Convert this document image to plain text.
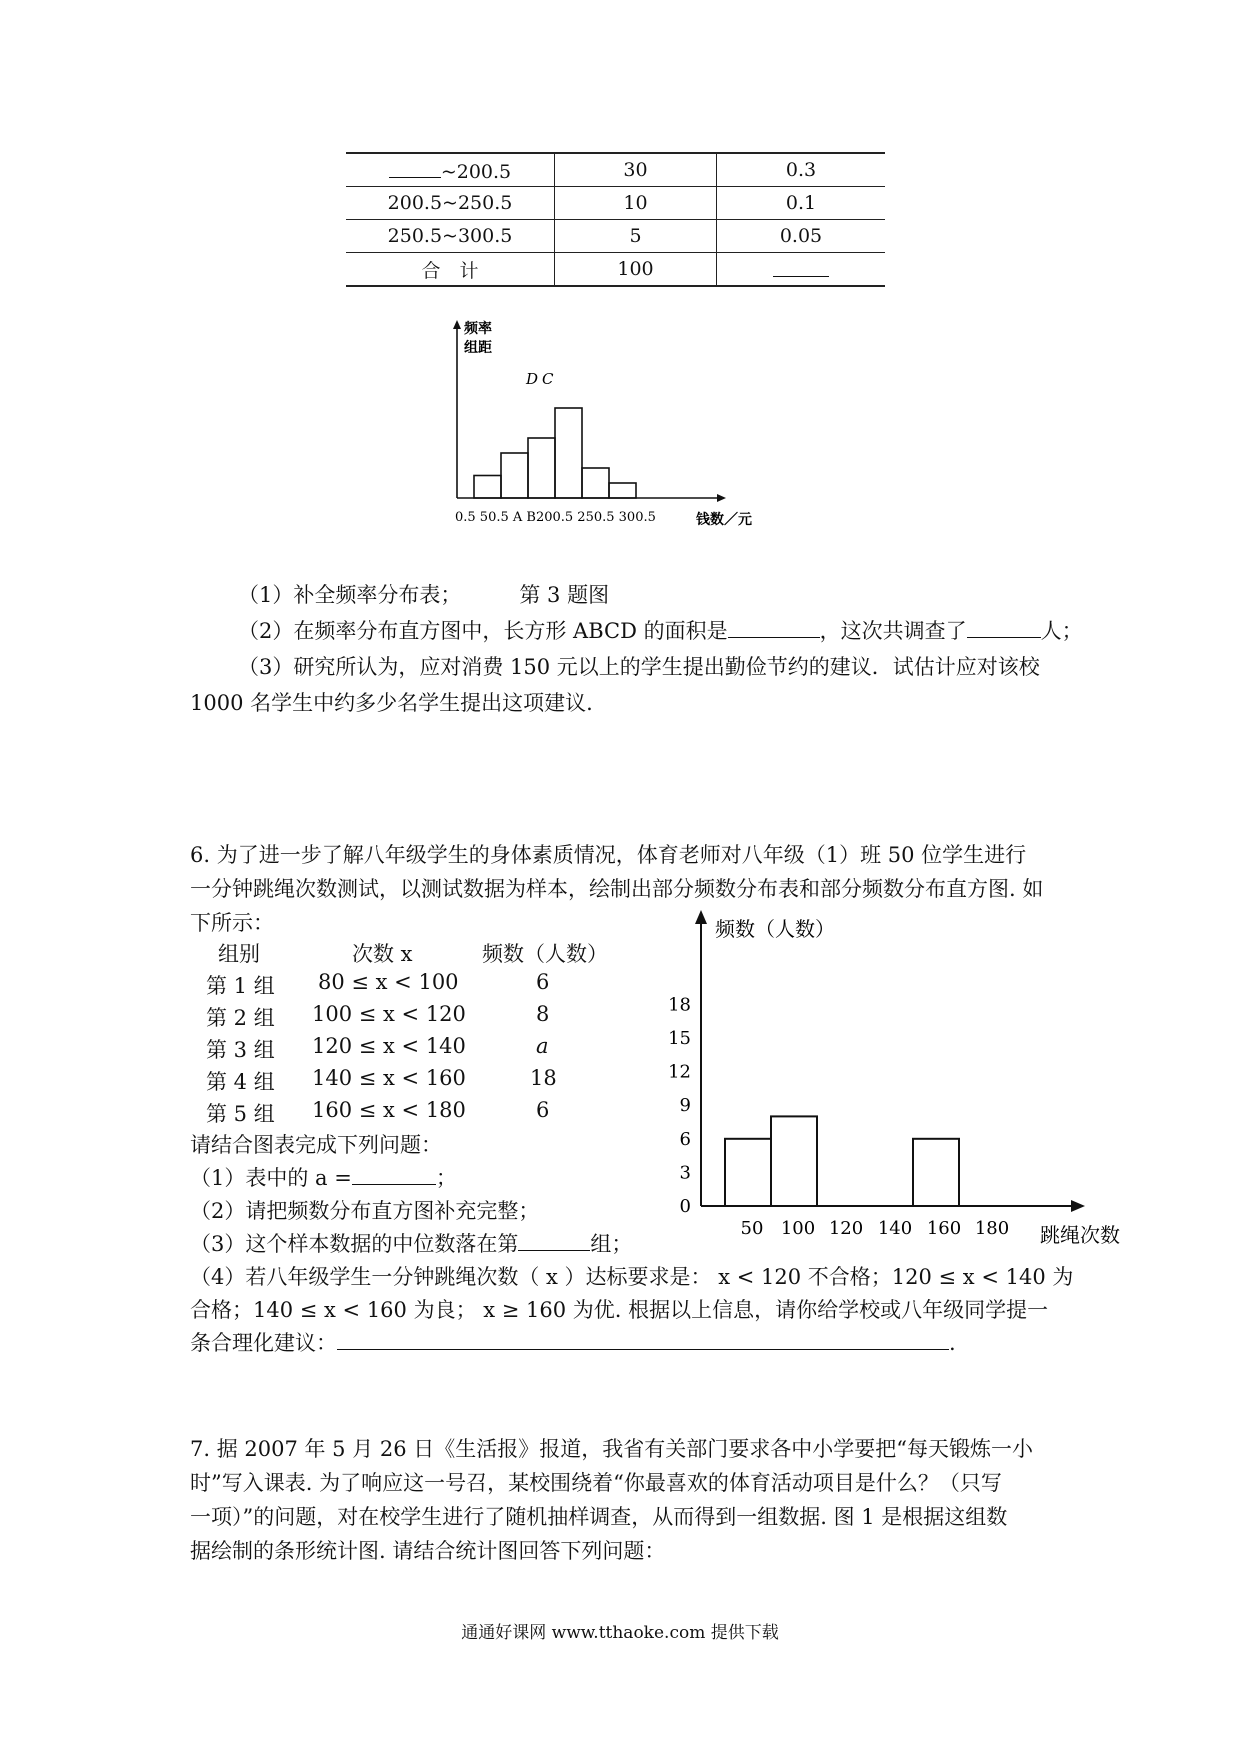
~200.5	30	0.3
200.5~250.5	10	0.1
250.5~300.5	5	0.05
合　计	100	
频率
组距
D C
0.5 50.5 A B200.5 250.5 300.5	钱数／元
（1）补全频率分布表；	第 3 题图
（2）在频率分布直方图中，长方形 ABCD 的面积是	，这次共调查了	人；
（3）研究所认为，应对消费 150 元以上的学生提出勤俭节约的建议．试估计应对该校
1000 名学生中约多少名学生提出这项建议.
6. 为了进一步了解八年级学生的身体素质情况，体育老师对八年级（1）班 50 位学生进行
一分钟跳绳次数测试，以测试数据为样本，绘制出部分频数分布表和部分频数分布直方图. 如
下所示：
组别	次数 x	频数（人数）
第 1 组 80 ≤ x < 100	6
第 2 组 100 ≤ x < 120	8
第 3 组 120 ≤ x < 140	a
第 4 组 140 ≤ x < 160	18
第 5 组 160 ≤ x < 180	6
请结合图表完成下列问题：
（1）表中的 a =	；
（2）请把频数分布直方图补充完整；
（3）这个样本数据的中位数落在第	组；
（4）若八年级学生一分钟跳绳次数（ x ）达标要求是： x < 120 不合格；120 ≤ x < 140 为
合格；140 ≤ x < 160 为良； x ≥ 160 为优. 根据以上信息，请你给学校或八年级同学提一
条合理化建议：	.
频数（人数）
跳绳次数
0
3
6
9
12
15
18
50 100 120 140 160 180
7. 据 2007 年 5 月 26 日《生活报》报道，我省有关部门要求各中小学要把“每天锻炼一小
时”写入课表. 为了响应这一号召，某校围绕着“你最喜欢的体育活动项目是什么？（只写
一项）”的问题，对在校学生进行了随机抽样调查，从而得到一组数据. 图 1 是根据这组数
据绘制的条形统计图. 请结合统计图回答下列问题：
通通好课网 www.tthaoke.com 提供下载
